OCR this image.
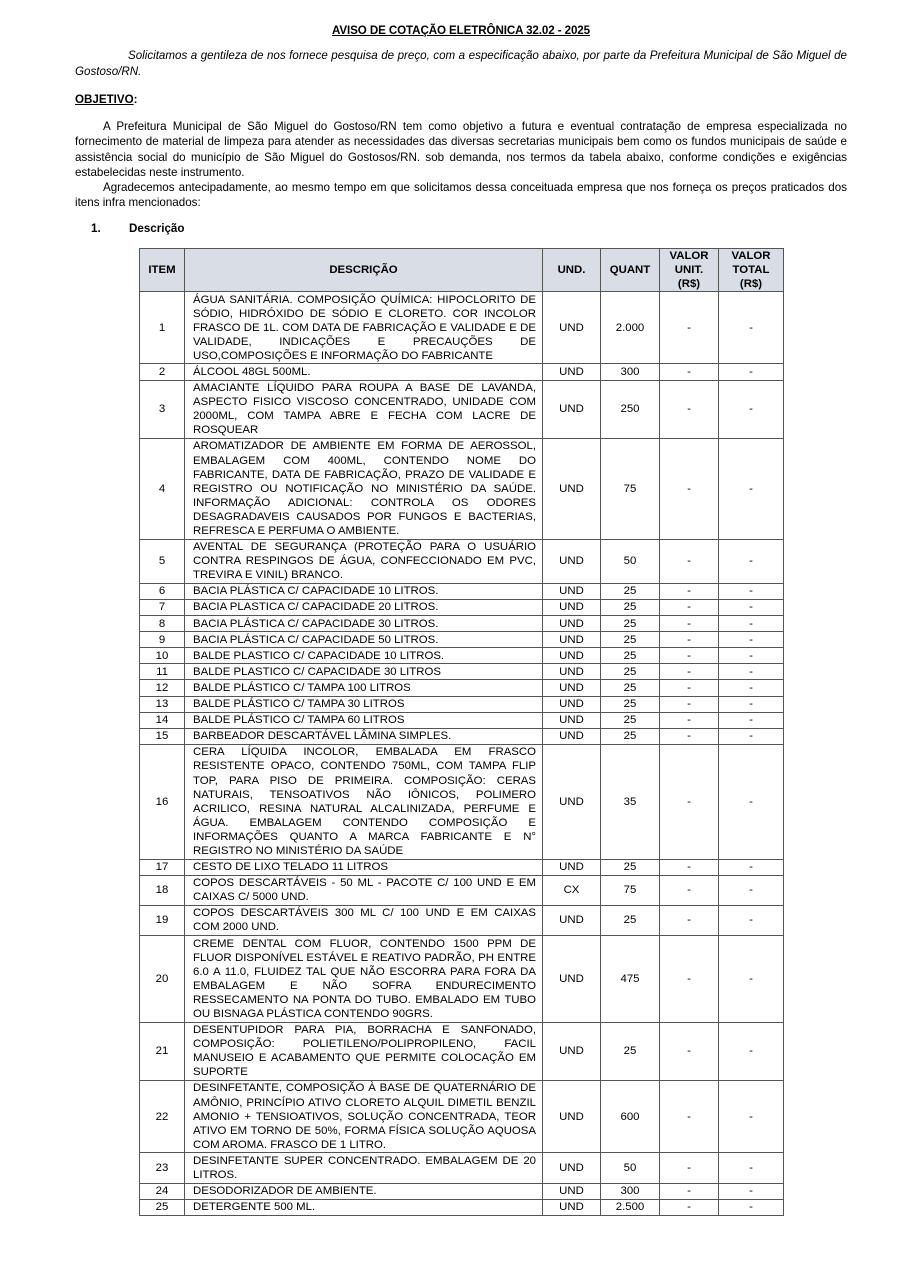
AVISO DE COTAÇÃO ELETRÔNICA 32.02 - 2025
Solicitamos a gentileza de nos fornece pesquisa de preço, com a especificação abaixo, por parte da Prefeitura Municipal de São Miguel de Gostoso/RN.
OBJETIVO:
A Prefeitura Municipal de São Miguel do Gostoso/RN tem como objetivo a futura e eventual contratação de empresa especializada no fornecimento de material de limpeza para atender as necessidades das diversas secretarias municipais bem como os fundos municipais de saúde e assistência social do município de São Miguel do Gostosos/RN. sob demanda, nos termos da tabela abaixo, conforme condições e exigências estabelecidas neste instrumento.
Agradecemos antecipadamente, ao mesmo tempo em que solicitamos dessa conceituada empresa que nos forneça os preços praticados dos itens infra mencionados:
1. Descrição
ITEM	DESCRIÇÃO	UND.	QUANT	VALOR
UNIT.
(R$)	VALOR
TOTAL
(R$)
1	ÁGUA SANITÁRIA. COMPOSIÇÃO QUÍMICA: HIPOCLORITO DE SÓDIO, HIDRÓXIDO DE SÓDIO E CLORETO. COR INCOLOR FRASCO DE 1L. COM DATA DE FABRICAÇÃO E VALIDADE E DE VALIDADE, INDICAÇÕES E PRECAUÇÕES DE USO,COMPOSIÇÕES E INFORMAÇÃO DO FABRICANTE	UND	2.000	-	-
2	ÁLCOOL 48GL 500ML.	UND	300	-	-
3	AMACIANTE LÍQUIDO PARA ROUPA A BASE DE LAVANDA, ASPECTO FISICO VISCOSO CONCENTRADO, UNIDADE COM 2000ML, COM TAMPA ABRE E FECHA COM LACRE DE ROSQUEAR	UND	250	-	-
4	AROMATIZADOR DE AMBIENTE EM FORMA DE AEROSSOL, EMBALAGEM COM 400ML, CONTENDO NOME DO FABRICANTE, DATA DE FABRICAÇÃO, PRAZO DE VALIDADE E REGISTRO OU NOTIFICAÇÃO NO MINISTÉRIO DA SAÚDE. INFORMAÇÃO ADICIONAL: CONTROLA OS ODORES DESAGRADAVEIS CAUSADOS POR FUNGOS E BACTERIAS, REFRESCA E PERFUMA O AMBIENTE.	UND	75	-	-
5	AVENTAL DE SEGURANÇA (PROTEÇÃO PARA O USUÁRIO CONTRA RESPINGOS DE ÁGUA, CONFECCIONADO EM PVC, TREVIRA E VINIL) BRANCO.	UND	50	-	-
6	BACIA PLÁSTICA C/ CAPACIDADE 10 LITROS.	UND	25	-	-
7	BACIA PLASTICA C/ CAPACIDADE 20 LITROS.	UND	25	-	-
8	BACIA PLÁSTICA C/ CAPACIDADE 30 LITROS.	UND	25	-	-
9	BACIA PLÁSTICA C/ CAPACIDADE 50 LITROS.	UND	25	-	-
10	BALDE PLASTICO C/ CAPACIDADE 10 LITROS.	UND	25	-	-
11	BALDE PLASTICO C/ CAPACIDADE 30 LITROS	UND	25	-	-
12	BALDE PLÁSTICO C/ TAMPA 100 LITROS	UND	25	-	-
13	BALDE PLÁSTICO C/ TAMPA 30 LITROS	UND	25	-	-
14	BALDE PLÁSTICO C/ TAMPA 60 LITROS	UND	25	-	-
15	BARBEADOR DESCARTÁVEL LÂMINA SIMPLES.	UND	25	-	-
16	CERA LÍQUIDA INCOLOR, EMBALADA EM FRASCO RESISTENTE OPACO, CONTENDO 750ML, COM TAMPA FLIP TOP, PARA PISO DE PRIMEIRA. COMPOSIÇÃO: CERAS NATURAIS, TENSOATIVOS NÃO IÔNICOS, POLIMERO ACRILICO, RESINA NATURAL ALCALINIZADA, PERFUME E ÁGUA. EMBALAGEM CONTENDO COMPOSIÇÃO E INFORMAÇÕES QUANTO A MARCA FABRICANTE E N° REGISTRO NO MINISTÉRIO DA SAÚDE	UND	35	-	-
17	CESTO DE LIXO TELADO 11 LITROS	UND	25	-	-
18	COPOS DESCARTÁVEIS - 50 ML - PACOTE C/ 100 UND E EM CAIXAS C/ 5000 UND.	CX	75	-	-
19	COPOS DESCARTÁVEIS 300 ML C/ 100 UND E EM CAIXAS COM 2000 UND.	UND	25	-	-
20	CREME DENTAL COM FLUOR, CONTENDO 1500 PPM DE FLUOR DISPONÍVEL ESTÁVEL E REATIVO PADRÃO, PH ENTRE 6.0 A 11.0, FLUIDEZ TAL QUE NÃO ESCORRA PARA FORA DA EMBALAGEM E NÃO SOFRA ENDURECIMENTO RESSECAMENTO NA PONTA DO TUBO. EMBALADO EM TUBO OU BISNAGA PLÁSTICA CONTENDO 90GRS.	UND	475	-	-
21	DESENTUPIDOR PARA PIA, BORRACHA E SANFONADO, COMPOSIÇÃO: POLIETILENO/POLIPROPILENO, FACIL MANUSEIO E ACABAMENTO QUE PERMITE COLOCAÇÃO EM SUPORTE	UND	25	-	-
22	DESINFETANTE, COMPOSIÇÃO À BASE DE QUATERNÁRIO DE AMÔNIO, PRINCÍPIO ATIVO CLORETO ALQUIL DIMETIL BENZIL AMONIO + TENSIOATIVOS, SOLUÇÃO CONCENTRADA, TEOR ATIVO EM TORNO DE 50%, FORMA FÍSICA SOLUÇÃO AQUOSA COM AROMA. FRASCO DE 1 LITRO.	UND	600	-	-
23	DESINFETANTE SUPER CONCENTRADO. EMBALAGEM DE 20 LITROS.	UND	50	-	-
24	DESODORIZADOR DE AMBIENTE.	UND	300	-	-
25	DETERGENTE 500 ML.	UND	2.500	-	-
